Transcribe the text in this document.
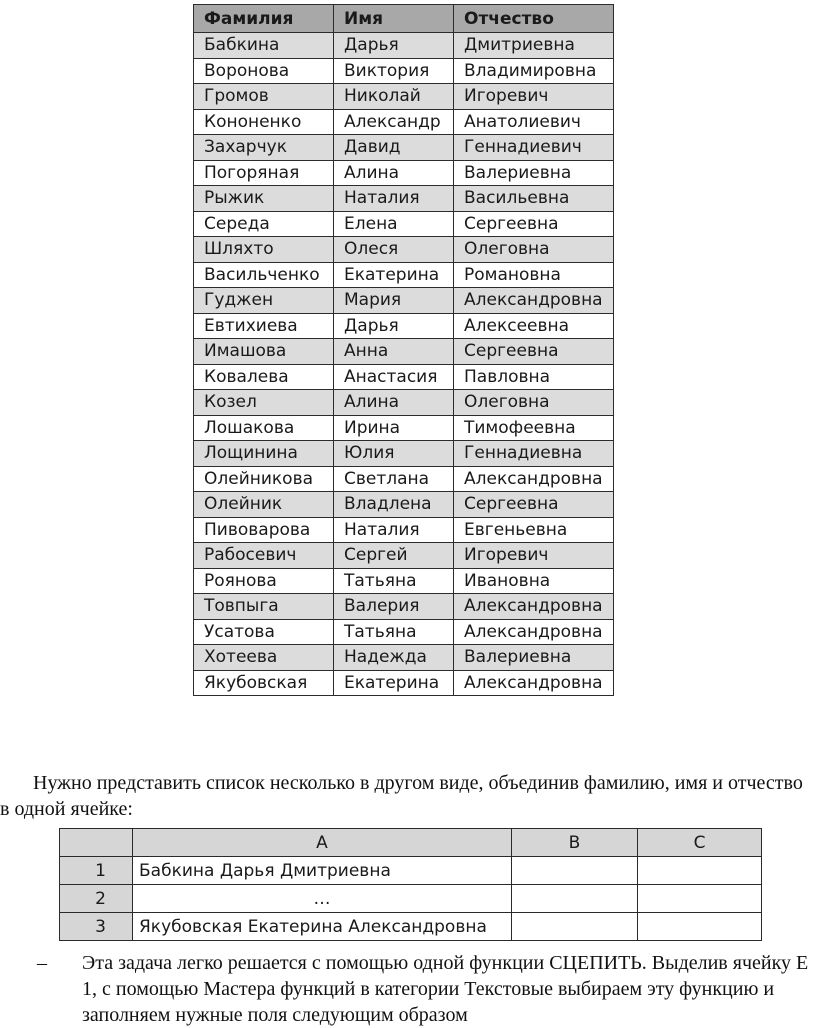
Фамилия	Имя	Отчество
Бабкина	Дарья	Дмитриевна
Воронова	Виктория	Владимировна
Громов	Николай	Игоревич
Кононенко	Александр	Анатолиевич
Захарчук	Давид	Геннадиевич
Погоряная	Алина	Валериевна
Рыжик	Наталия	Васильевна
Середа	Елена	Сергеевна
Шляхто	Олеся	Олеговна
Васильченко	Екатерина	Романовна
Гуджен	Мария	Александровна
Евтихиева	Дарья	Алексеевна
Имашова	Анна	Сергеевна
Ковалева	Анастасия	Павловна
Козел	Алина	Олеговна
Лошакова	Ирина	Тимофеевна
Лощинина	Юлия	Геннадиевна
Олейникова	Светлана	Александровна
Олейник	Владлена	Сергеевна
Пивоварова	Наталия	Евгеньевна
Рабосевич	Сергей	Игоревич
Роянова	Татьяна	Ивановна
Товпыга	Валерия	Александровна
Усатова	Татьяна	Александровна
Хотеева	Надежда	Валериевна
Якубовская	Екатерина	Александровна

Нужно представить список несколько в другом виде, объединив фамилию, имя и отчество в одной ячейке:

	A	B	C
1	Бабкина Дарья Дмитриевна		
2	…		
3	Якубовская Екатерина Александровна		
– Эта задача легко решается с помощью одной функции СЦЕПИТЬ. Выделив ячейку Е 1, с помощью Мастера функций в категории Текстовые выбираем эту функцию и заполняем нужные поля следующим образом
